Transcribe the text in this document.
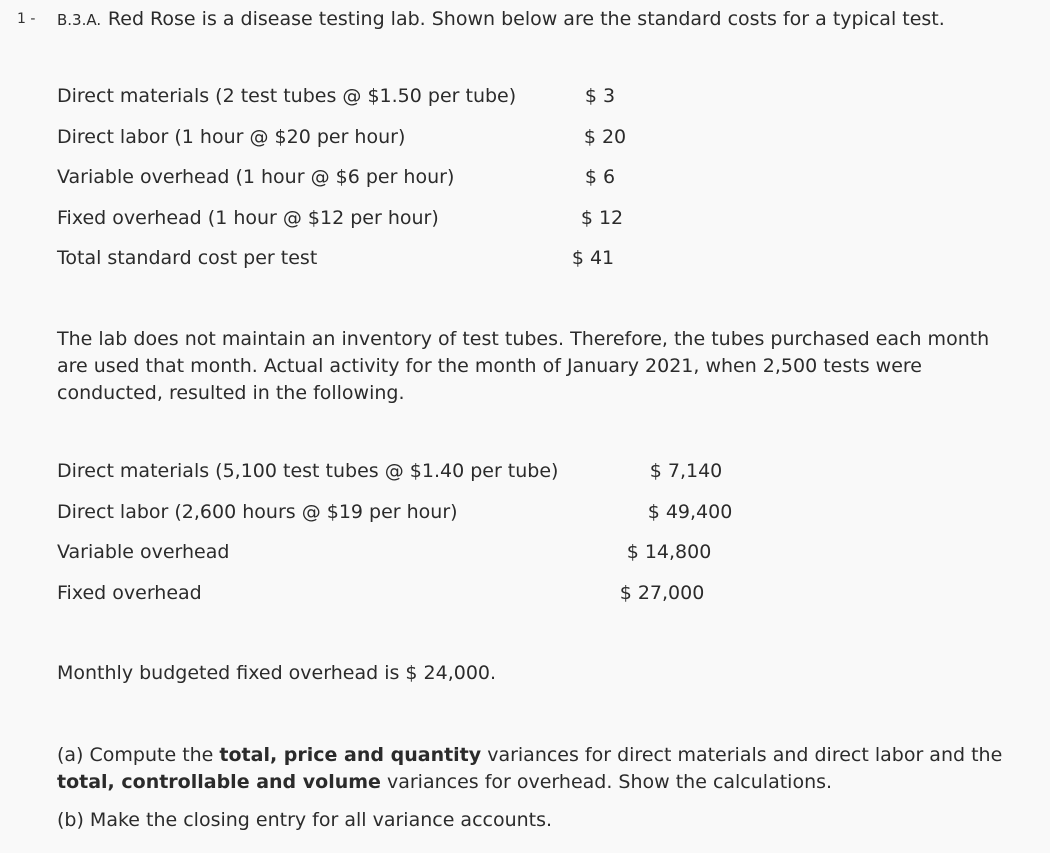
1 - B.3.A. Red Rose is a disease testing lab. Shown below are the standard costs for a typical test.
Direct materials (2 test tubes @ $1.50 per tube)	$ 3
Direct labor (1 hour @ $20 per hour)	$ 20
Variable overhead (1 hour @ $6 per hour)	$ 6
Fixed overhead (1 hour @ $12 per hour)	$ 12
Total standard cost per test	$ 41
The lab does not maintain an inventory of test tubes. Therefore, the tubes purchased each month are used that month. Actual activity for the month of January 2021, when 2,500 tests were conducted, resulted in the following.
Direct materials (5,100 test tubes @ $1.40 per tube)	$ 7,140
Direct labor (2,600 hours @ $19 per hour)	$ 49,400
Variable overhead	$ 14,800
Fixed overhead	$ 27,000
Monthly budgeted fixed overhead is $ 24,000.
(a) Compute the total, price and quantity variances for direct materials and direct labor and the total, controllable and volume variances for overhead. Show the calculations.
(b) Make the closing entry for all variance accounts.
